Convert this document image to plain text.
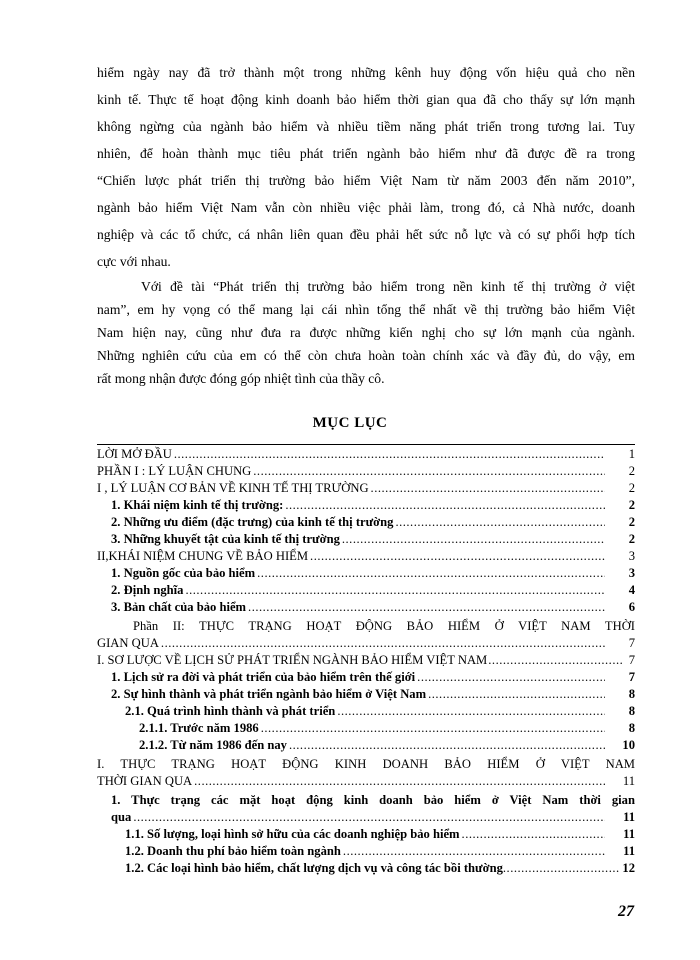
hiểm ngày nay đã trở thành một trong những kênh huy động vốn hiệu quả cho nền
kinh tế. Thực tế hoạt động kinh doanh bảo hiểm thời gian qua đã cho thấy sự lớn mạnh
không ngừng của ngành bảo hiểm và nhiều tiềm năng phát triển trong tương lai. Tuy
nhiên, để hoàn thành mục tiêu phát triển ngành bảo hiểm như đã được đề ra trong
“Chiến lược phát triển thị trường bảo hiểm Việt Nam từ năm 2003 đến năm 2010”,
ngành bảo hiểm Việt Nam vẫn còn nhiều việc phải làm, trong đó, cả Nhà nước, doanh
nghiệp và các tổ chức, cá nhân liên quan đều phải hết sức nỗ lực và có sự phối hợp tích
cực với nhau.
Với đề tài “Phát triển thị trường bảo hiểm trong nền kinh tế thị trường ở việt
nam”, em hy vọng có thể mang lại cái nhìn tổng thể nhất về thị trường bảo hiểm Việt
Nam hiện nay, cũng như đưa ra được những kiến nghị cho sự lớn mạnh của ngành.
Những nghiên cứu của em có thể còn chưa hoàn toàn chính xác và đầy đủ, do vậy, em
rất mong nhận được đóng góp nhiệt tình của thầy cô.
MỤC LỤC
LỜI MỞ ĐẦU .....	1
PHẦN I : LÝ LUẬN CHUNG .....	2
I , LÝ LUẬN CƠ BẢN VỀ KINH TẾ THỊ TRƯỜNG .....	2
1. Khái niệm kinh tế thị trường: .....	2
2. Những ưu điểm (đặc trưng) của kinh tế thị trường .....	2
3. Những khuyết tật của kinh tế thị trường .....	2
II,KHÁI NIỆM CHUNG VỀ BẢO HIỂM .....	3
1. Nguồn gốc của bảo hiểm .....	3
2. Định nghĩa .....	4
3. Bản chất của bảo hiểm .....	6
Phần II: THỰC TRẠNG HOẠT ĐỘNG BẢO HIỂM Ở VIỆT NAM THỜI
GIAN QUA .....	7
I. SƠ LƯỢC VỀ LỊCH SỬ PHÁT TRIỂN NGÀNH BẢO HIỂM VIỆT NAM .....	7
1. Lịch sử ra đời và phát triển của bảo hiểm trên thế giới .....	7
2. Sự hình thành và phát triển ngành bảo hiểm ở Việt Nam .....	8
2.1. Quá trình hình thành và phát triển .....	8
2.1.1. Trước năm 1986 .....	8
2.1.2. Từ năm 1986 đến nay .....	10
I. THỰC TRẠNG HOẠT ĐỘNG KINH DOANH BẢO HIỂM Ở VIỆT NAM
THỜI GIAN QUA .....	11
1. Thực trạng các mặt hoạt động kinh doanh bảo hiểm ở Việt Nam thời gian
qua .....	11
1.1. Số lượng, loại hình sở hữu của các doanh nghiệp bảo hiểm .....	11
1.2. Doanh thu phí bảo hiểm toàn ngành .....	11
1.2. Các loại hình bảo hiểm, chất lượng dịch vụ và công tác bồi thường .....	12
27
